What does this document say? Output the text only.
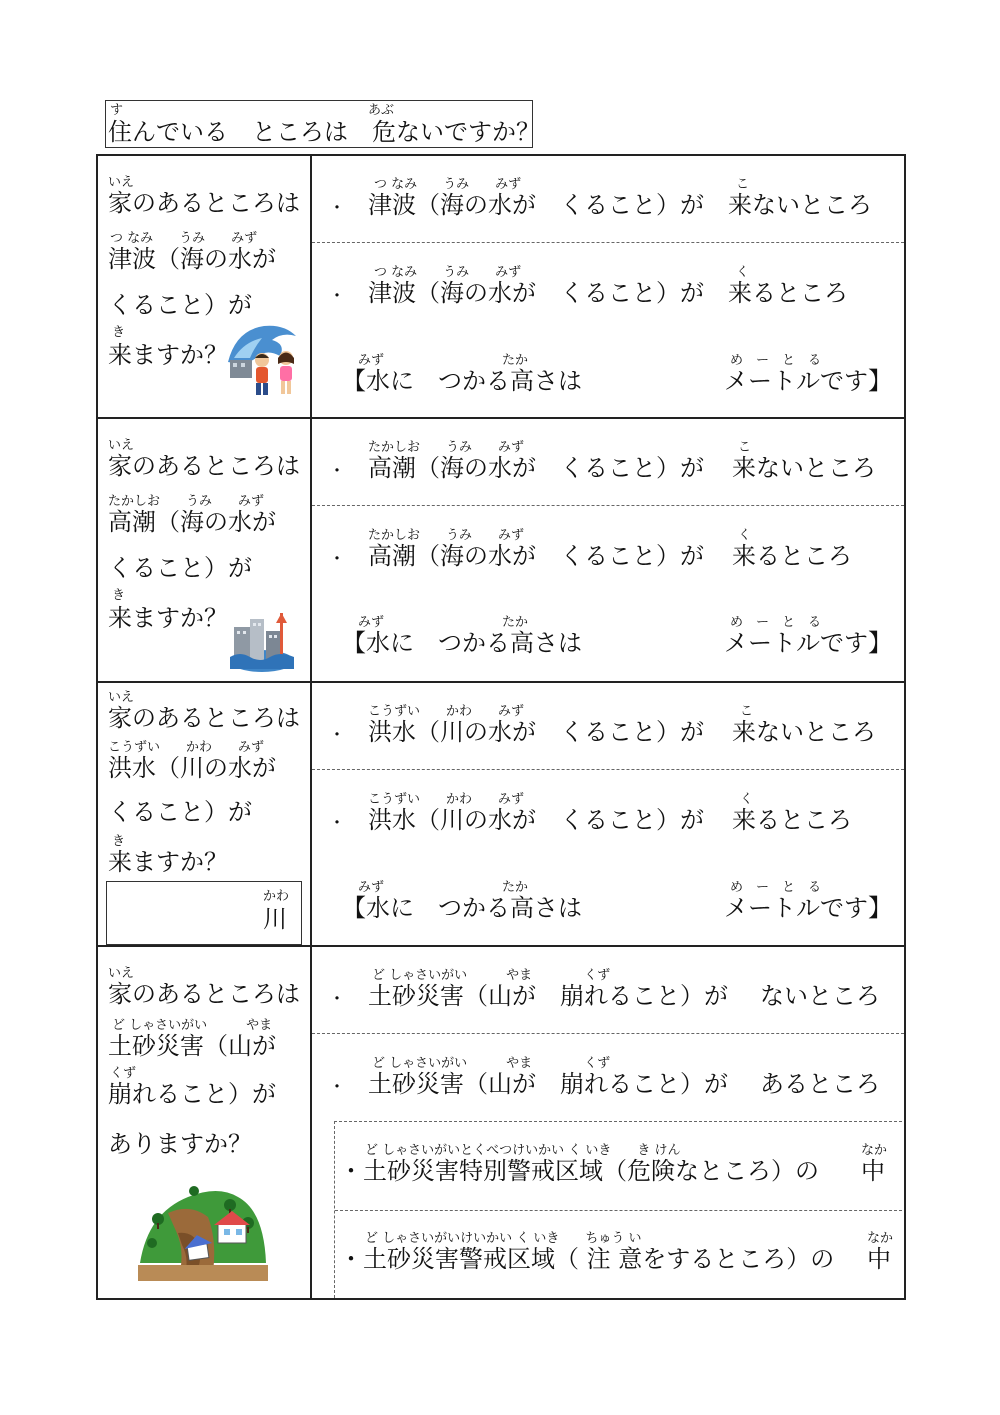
す	あぶ
住んでいる　ところは　危ないですか？
いえ
家のあるところは
つ なみ　　うみ　　みず
津波（海の水が
くること）が
き
来ますか？
・
つ なみ　　うみ　　みず	こ
津波（海の水が　くること）が 来ないところ
・
つ なみ　　うみ　　みず	く
津波（海の水が　くること）が 来るところ
みず	たか	め　ー　と　る
【水に　つかる高さは	メートルです】
いえ
家のあるところは
たかしお　　うみ　　みず
高潮（海の水が
くること）が
き
来ますか？
・
たかしお　　うみ　　みず	こ
高潮（海の水が　くること）が 来ないところ
・
たかしお　　うみ　　みず	く
高潮（海の水が　くること）が 来るところ
みず	たか	め　ー　と　る
【水に　つかる高さは	メートルです】
いえ
家のあるところは
こうずい　　かわ　　みず
洪水（川の水が
くること）が
き
来ますか？
かわ
川
・
こうずい　　かわ　　みず	こ
洪水（川の水が　くること）が 来ないところ
・
こうずい　　かわ　　みず	く
洪水（川の水が　くること）が 来るところ
みず	たか	め　ー　と　る
【水に　つかる高さは	メートルです】
いえ
家のあるところは
ど しゃさいがい　　　やま
土砂災害（山が
くず
崩れること）が
ありますか？
・
ど しゃさいがい　　　やま　　　　くず
土砂災害（山が　崩れること）が ないところ
・
ど しゃさいがい　　　やま　　　　くず
土砂災害（山が　崩れること）が あるところ
ど しゃさいがいとくべつけいかい く いき　　き けん	なか
・土砂災害特別警戒区域（危険なところ）の 中
ど しゃさいがいけいかい く いき　　ちゅう い	なか
・土砂災害警戒区域（ 注 意をするところ）の 中
